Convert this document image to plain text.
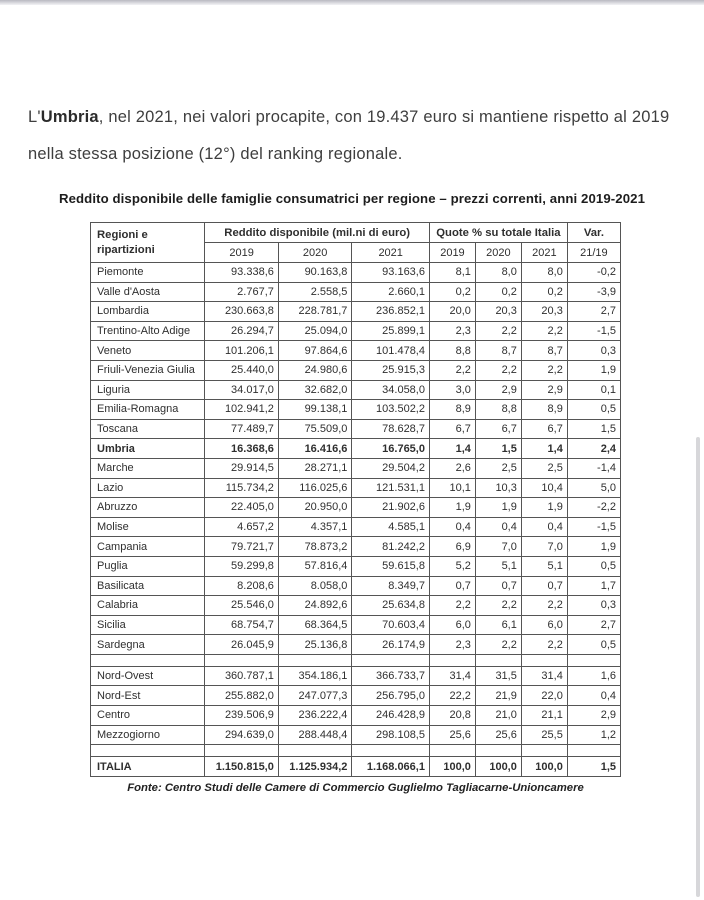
L'Umbria, nel 2021, nei valori procapite, con 19.437 euro si mantiene rispetto al 2019
nella stessa posizione (12°) del ranking regionale.
Reddito disponibile delle famiglie consumatrici per regione – prezzi correnti, anni 2019-2021
Regioni e ripartizioni	Reddito disponibile (mil.ni di euro)			Quote % su totale Italia			Var.
	2019	2020	2021	2019	2020	2021	21/19
Piemonte	93.338,6	90.163,8	93.163,6	8,1	8,0	8,0	-0,2
Valle d'Aosta	2.767,7	2.558,5	2.660,1	0,2	0,2	0,2	-3,9
Lombardia	230.663,8	228.781,7	236.852,1	20,0	20,3	20,3	2,7
Trentino-Alto Adige	26.294,7	25.094,0	25.899,1	2,3	2,2	2,2	-1,5
Veneto	101.206,1	97.864,6	101.478,4	8,8	8,7	8,7	0,3
Friuli-Venezia Giulia	25.440,0	24.980,6	25.915,3	2,2	2,2	2,2	1,9
Liguria	34.017,0	32.682,0	34.058,0	3,0	2,9	2,9	0,1
Emilia-Romagna	102.941,2	99.138,1	103.502,2	8,9	8,8	8,9	0,5
Toscana	77.489,7	75.509,0	78.628,7	6,7	6,7	6,7	1,5
Umbria	16.368,6	16.416,6	16.765,0	1,4	1,5	1,4	2,4
Marche	29.914,5	28.271,1	29.504,2	2,6	2,5	2,5	-1,4
Lazio	115.734,2	116.025,6	121.531,1	10,1	10,3	10,4	5,0
Abruzzo	22.405,0	20.950,0	21.902,6	1,9	1,9	1,9	-2,2
Molise	4.657,2	4.357,1	4.585,1	0,4	0,4	0,4	-1,5
Campania	79.721,7	78.873,2	81.242,2	6,9	7,0	7,0	1,9
Puglia	59.299,8	57.816,4	59.615,8	5,2	5,1	5,1	0,5
Basilicata	8.208,6	8.058,0	8.349,7	0,7	0,7	0,7	1,7
Calabria	25.546,0	24.892,6	25.634,8	2,2	2,2	2,2	0,3
Sicilia	68.754,7	68.364,5	70.603,4	6,0	6,1	6,0	2,7
Sardegna	26.045,9	25.136,8	26.174,9	2,3	2,2	2,2	0,5

Nord-Ovest	360.787,1	354.186,1	366.733,7	31,4	31,5	31,4	1,6
Nord-Est	255.882,0	247.077,3	256.795,0	22,2	21,9	22,0	0,4
Centro	239.506,9	236.222,4	246.428,9	20,8	21,0	21,1	2,9
Mezzogiorno	294.639,0	288.448,4	298.108,5	25,6	25,6	25,5	1,2

ITALIA	1.150.815,0	1.125.934,2	1.168.066,1	100,0	100,0	100,0	1,5
Fonte: Centro Studi delle Camere di Commercio Guglielmo Tagliacarne-Unioncamere
